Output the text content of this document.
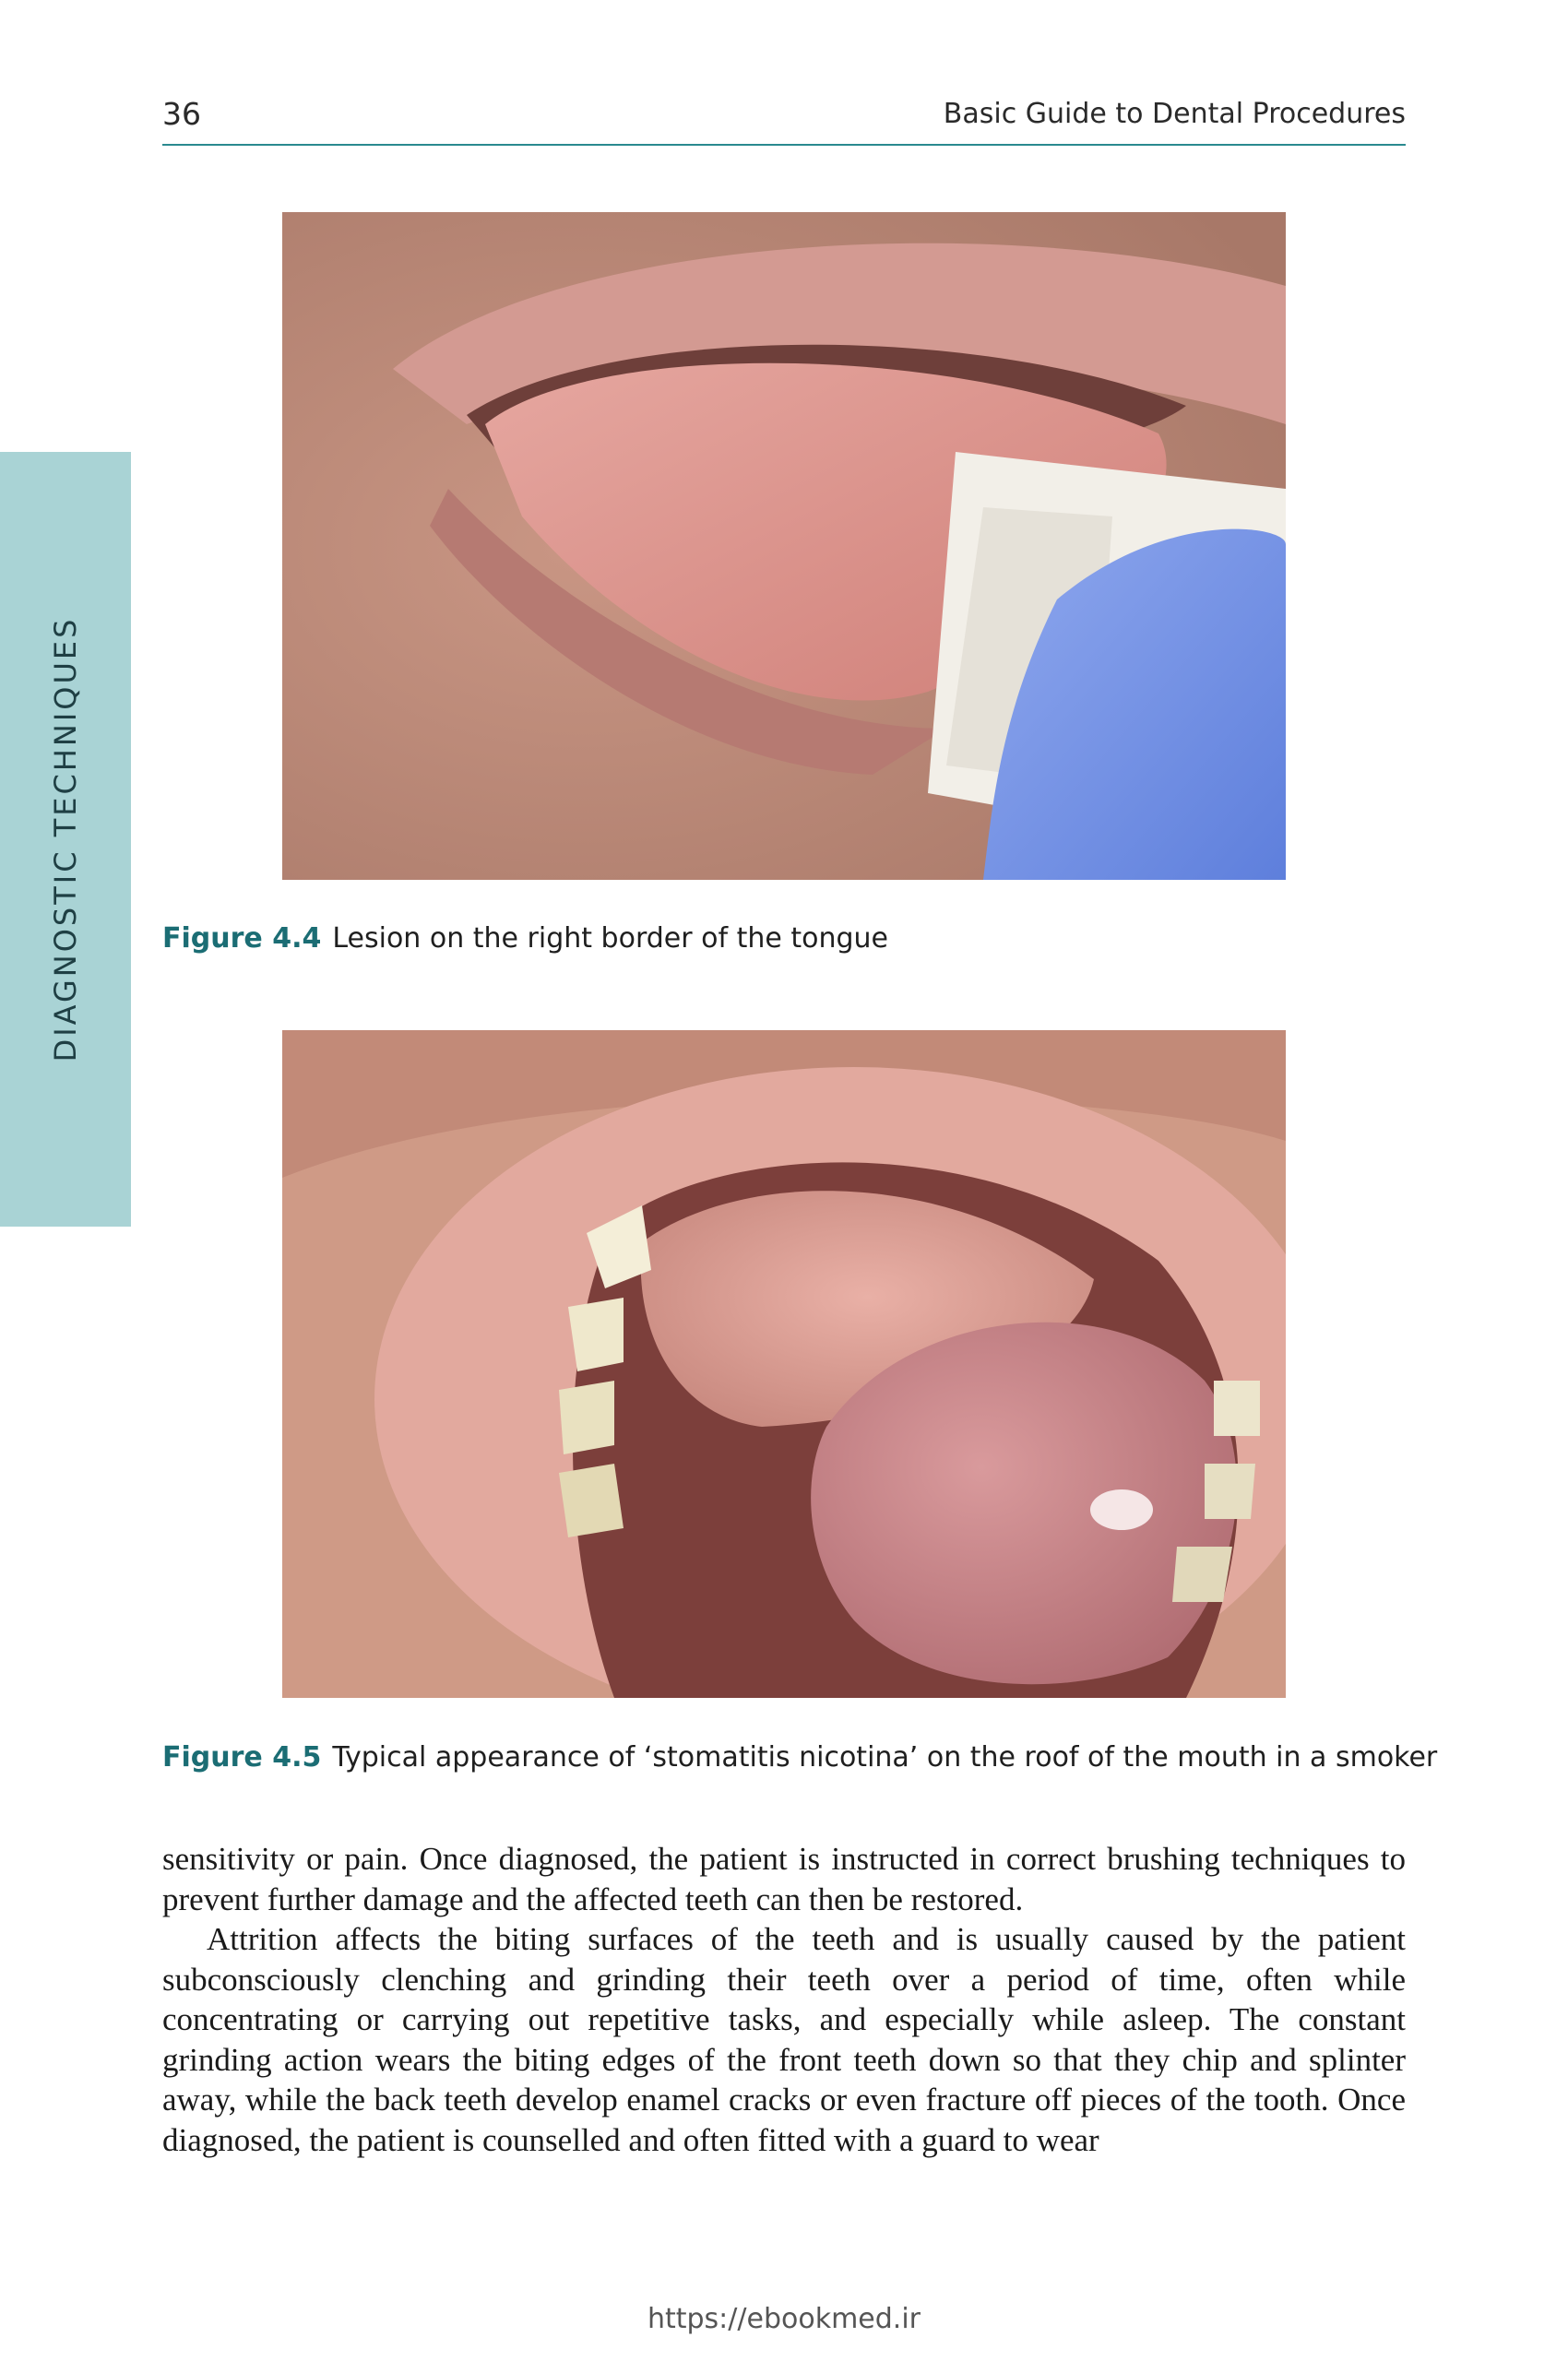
36	Basic Guide to Dental Procedures
DIAGNOSTIC TECHNIQUES	Figure 4.4 Lesion on the right border of the tongue
Figure 4.5 Typical appearance of ‘stomatitis nicotina’ on the roof of the mouth in a smoker

sensitivity or pain. Once diagnosed, the patient is instructed in correct brushing techniques to prevent further damage and the affected teeth can then be restored.

Attrition affects the biting surfaces of the teeth and is usually caused by the patient subconsciously clenching and grinding their teeth over a period of time, often while concentrating or carrying out repetitive tasks, and especially while asleep. The constant grinding action wears the biting edges of the front teeth down so that they chip and splinter away, while the back teeth develop enamel cracks or even fracture off pieces of the tooth. Once diagnosed, the patient is counselled and often fitted with a guard to wear

https://ebookmed.ir
